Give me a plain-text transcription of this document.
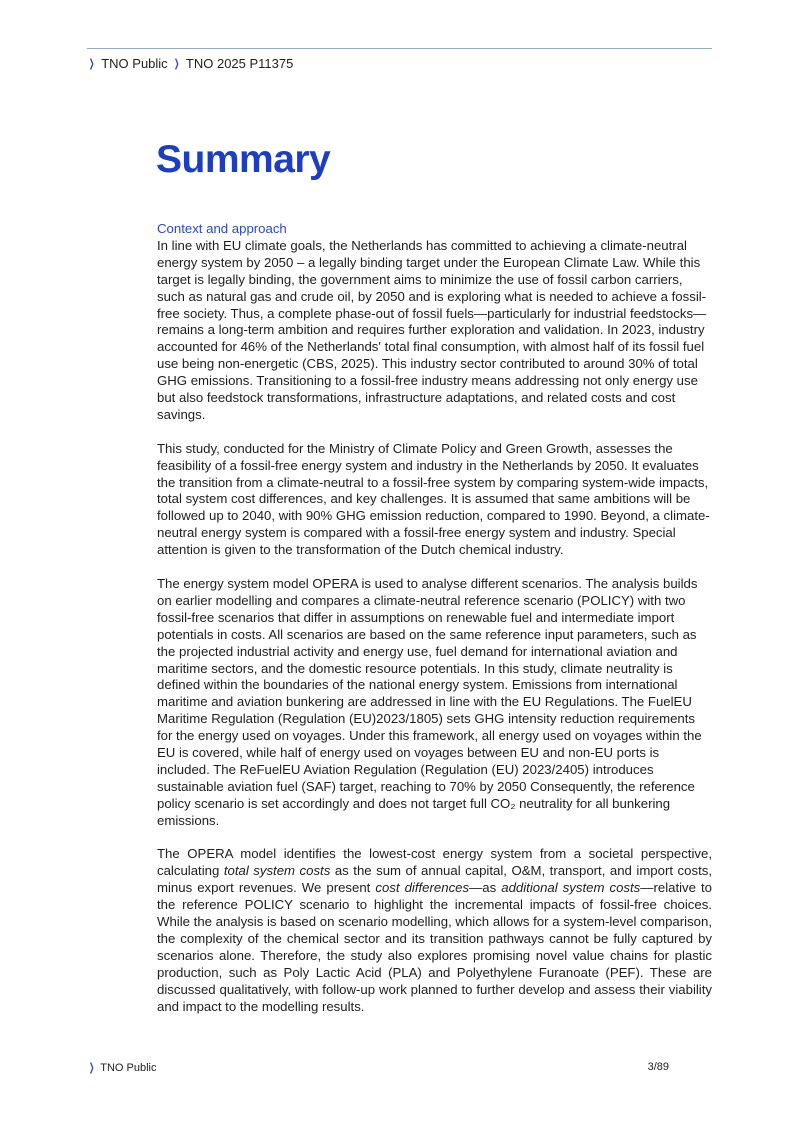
❯ TNO Public ❯ TNO 2025 P11375
Summary
Context and approach

In line with EU climate goals, the Netherlands has committed to achieving a climate-neutral energy system by 2050 – a legally binding target under the European Climate Law. While this target is legally binding, the government aims to minimize the use of fossil carbon carriers, such as natural gas and crude oil, by 2050 and is exploring what is needed to achieve a fossil-free society. Thus, a complete phase-out of fossil fuels—particularly for industrial feedstocks—remains a long-term ambition and requires further exploration and validation. In 2023, industry accounted for 46% of the Netherlands' total final consumption, with almost half of its fossil fuel use being non-energetic (CBS, 2025). This industry sector contributed to around 30% of total GHG emissions. Transitioning to a fossil-free industry means addressing not only energy use but also feedstock transformations, infrastructure adaptations, and related costs and cost savings.

This study, conducted for the Ministry of Climate Policy and Green Growth, assesses the feasibility of a fossil-free energy system and industry in the Netherlands by 2050. It evaluates the transition from a climate-neutral to a fossil-free system by comparing system-wide impacts, total system cost differences, and key challenges. It is assumed that same ambitions will be followed up to 2040, with 90% GHG emission reduction, compared to 1990. Beyond, a climate-neutral energy system is compared with a fossil-free energy system and industry. Special attention is given to the transformation of the Dutch chemical industry.

The energy system model OPERA is used to analyse different scenarios. The analysis builds on earlier modelling and compares a climate-neutral reference scenario (POLICY) with two fossil-free scenarios that differ in assumptions on renewable fuel and intermediate import potentials in costs. All scenarios are based on the same reference input parameters, such as the projected industrial activity and energy use, fuel demand for international aviation and maritime sectors, and the domestic resource potentials. In this study, climate neutrality is defined within the boundaries of the national energy system. Emissions from international maritime and aviation bunkering are addressed in line with the EU Regulations. The FuelEU Maritime Regulation (Regulation (EU)2023/1805) sets GHG intensity reduction requirements for the energy used on voyages. Under this framework, all energy used on voyages within the EU is covered, while half of energy used on voyages between EU and non-EU ports is included. The ReFuelEU Aviation Regulation (Regulation (EU) 2023/2405) introduces sustainable aviation fuel (SAF) target, reaching to 70% by 2050 Consequently, the reference policy scenario is set accordingly and does not target full CO₂ neutrality for all bunkering emissions.

The OPERA model identifies the lowest-cost energy system from a societal perspective, calculating total system costs as the sum of annual capital, O&M, transport, and import costs, minus export revenues. We present cost differences—as additional system costs—relative to the reference POLICY scenario to highlight the incremental impacts of fossil-free choices. While the analysis is based on scenario modelling, which allows for a system-level comparison, the complexity of the chemical sector and its transition pathways cannot be fully captured by scenarios alone. Therefore, the study also explores promising novel value chains for plastic production, such as Poly Lactic Acid (PLA) and Polyethylene Furanoate (PEF). These are discussed qualitatively, with follow-up work planned to further develop and assess their viability and impact to the modelling results.

❯ TNO Public	3/89
